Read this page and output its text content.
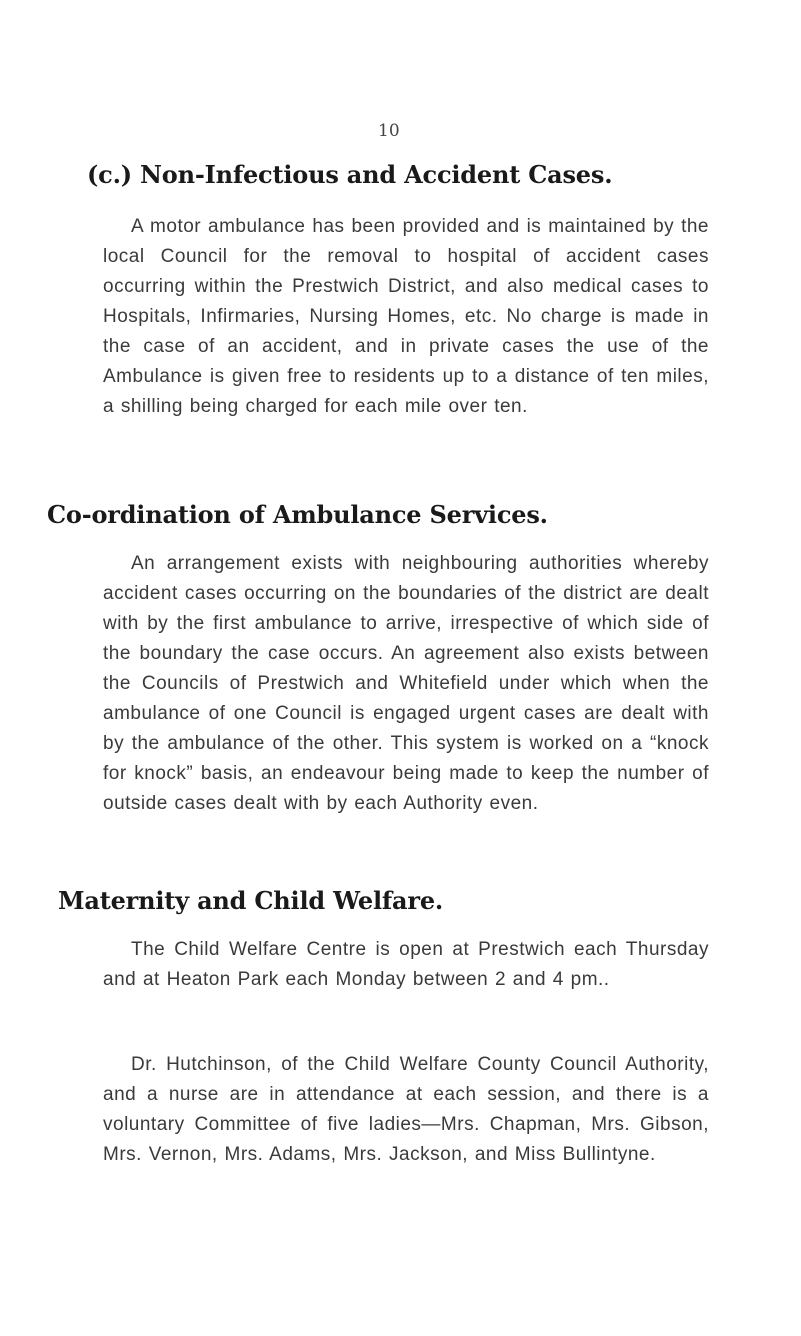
10
(c.) Non-Infectious and Accident Cases.

A motor ambulance has been provided and is maintained by the local Council for the removal to hospital of accident cases occurring within the Prestwich District, and also medical cases to Hospitals, Infirmaries, Nursing Homes, etc. No charge is made in the case of an accident, and in private cases the use of the Ambulance is given free to residents up to a distance of ten miles, a shilling being charged for each mile over ten.

Co-ordination of Ambulance Services.

An arrangement exists with neighbouring authorities whereby accident cases occurring on the boundaries of the district are dealt with by the first ambulance to arrive, irrespective of which side of the boundary the case occurs. An agreement also exists between the Councils of Prestwich and Whitefield under which when the ambulance of one Council is engaged urgent cases are dealt with by the ambulance of the other. This system is worked on a “knock for knock” basis, an endeavour being made to keep the number of outside cases dealt with by each Authority even.

Maternity and Child Welfare.

The Child Welfare Centre is open at Prestwich each Thursday and at Heaton Park each Monday between 2 and 4 pm..

Dr. Hutchinson, of the Child Welfare County Council Authority, and a nurse are in attendance at each session, and there is a voluntary Committee of five ladies—Mrs. Chapman, Mrs. Gibson, Mrs. Vernon, Mrs. Adams, Mrs. Jackson, and Miss Bullintyne.
